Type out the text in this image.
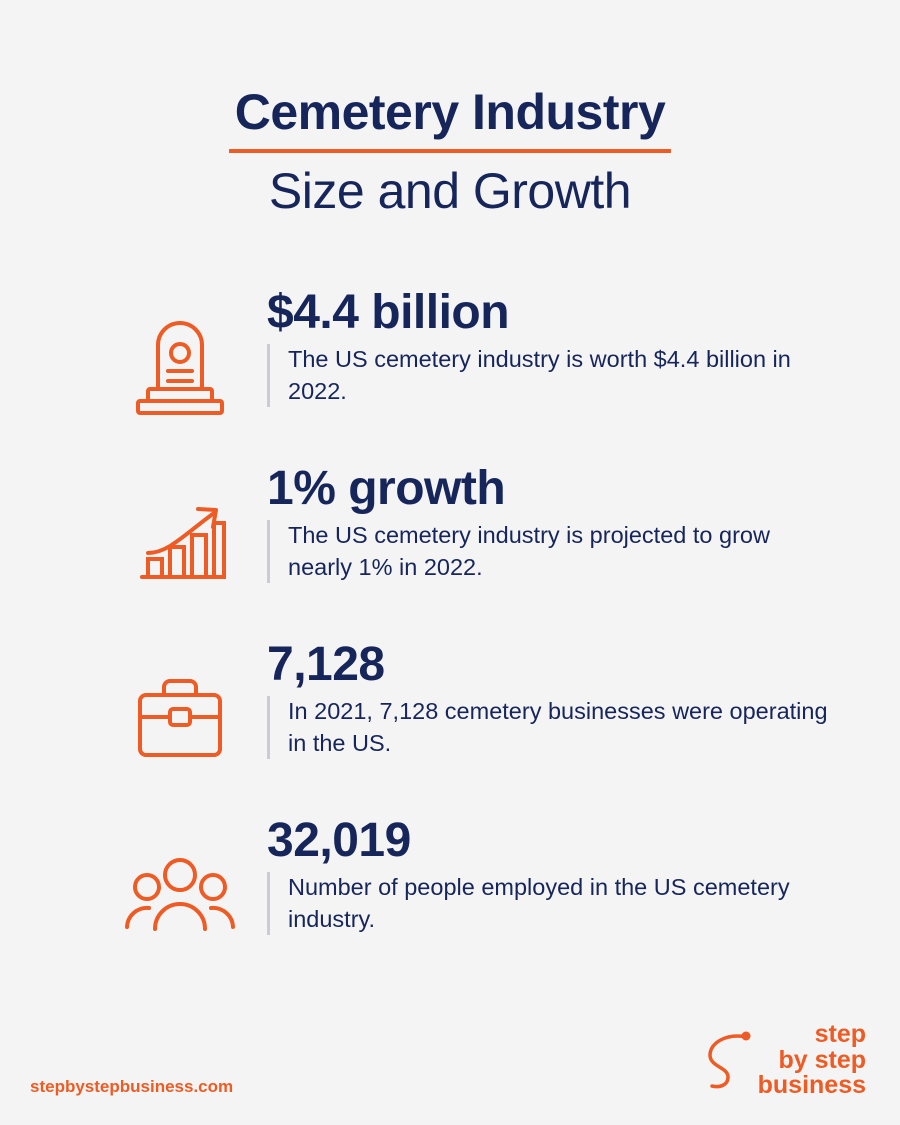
Cemetery Industry
Size and Growth
$4.4 billion
The US cemetery industry is worth $4.4 billion in 2022.
1% growth
The US cemetery industry is projected to grow nearly 1% in 2022.
7,128
In 2021, 7,128 cemetery businesses were operating in the US.
32,019
Number of people employed in the US cemetery industry.
stepbystepbusiness.com
step
by step
business
